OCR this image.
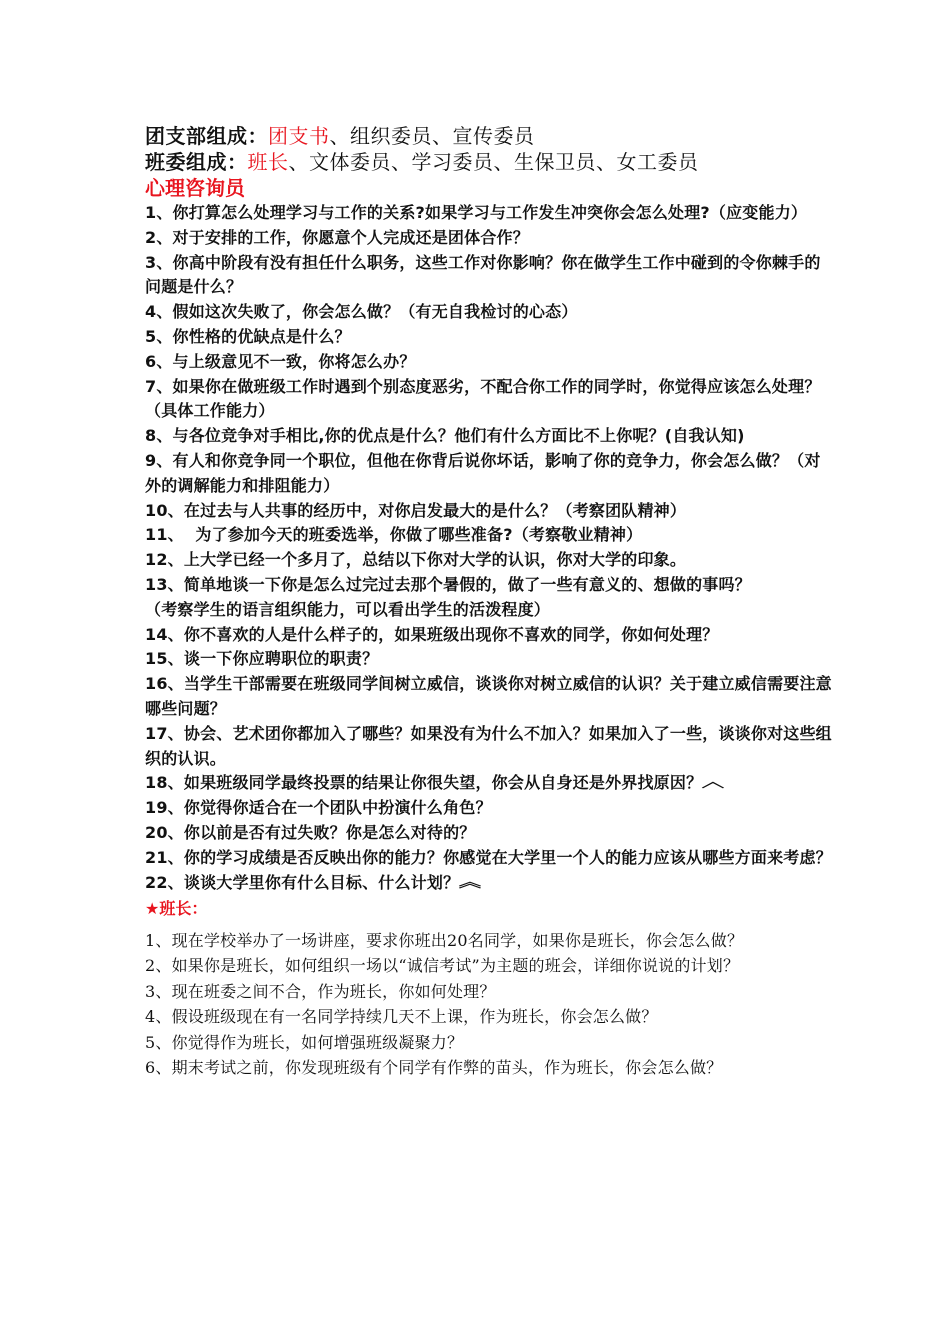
团支部组成：团支书、组织委员、宣传委员
班委组成：班长、文体委员、学习委员、生保卫员、女工委员
心理咨询员
1、你打算怎么处理学习与工作的关系?如果学习与工作发生冲突你会怎么处理?（应变能力）
2、对于安排的工作，你愿意个人完成还是团体合作？
3、你高中阶段有没有担任什么职务，这些工作对你影响？你在做学生工作中碰到的令你棘手的问题是什么？
4、假如这次失败了，你会怎么做？（有无自我检讨的心态）
5、你性格的优缺点是什么？
6、与上级意见不一致，你将怎么办？
7、如果你在做班级工作时遇到个别态度恶劣，不配合你工作的同学时，你觉得应该怎么处理？  （具体工作能力）
8、与各位竞争对手相比,你的优点是什么？他们有什么方面比不上你呢？(自我认知)
9、有人和你竞争同一个职位，但他在你背后说你坏话，影响了你的竞争力，你会怎么做？（对外的调解能力和排阻能力）
10、在过去与人共事的经历中，对你启发最大的是什么？（考察团队精神）
11、  为了参加今天的班委选举，你做了哪些准备?（考察敬业精神）
12、上大学已经一个多月了，总结以下你对大学的认识，你对大学的印象。
13、简单地谈一下你是怎么过完过去那个暑假的，做了一些有意义的、想做的事吗？
（考察学生的语言组织能力，可以看出学生的活泼程度）
14、你不喜欢的人是什么样子的，如果班级出现你不喜欢的同学，你如何处理？
15、谈一下你应聘职位的职责？
16、当学生干部需要在班级同学间树立威信，谈谈你对树立威信的认识？关于建立威信需要注意哪些问题？
17、协会、艺术团你都加入了哪些？如果没有为什么不加入？如果加入了一些，谈谈你对这些组织的认识。
18、如果班级同学最终投票的结果让你很失望，你会从自身还是外界找原因？︿
19、你觉得你适合在一个团队中扮演什么角色？
20、你以前是否有过失败？你是怎么对待的？
21、你的学习成绩是否反映出你的能力？你感觉在大学里一个人的能力应该从哪些方面来考虑？
22、谈谈大学里你有什么目标、什么计划？︽
★班长：
1、现在学校举办了一场讲座，要求你班出20名同学，如果你是班长，你会怎么做？
2、如果你是班长，如何组织一场以“诚信考试”为主题的班会，详细你说说的计划？
3、现在班委之间不合，作为班长，你如何处理？
4、假设班级现在有一名同学持续几天不上课，作为班长，你会怎么做？
5、你觉得作为班长，如何增强班级凝聚力？
6、期末考试之前，你发现班级有个同学有作弊的苗头，作为班长，你会怎么做？
